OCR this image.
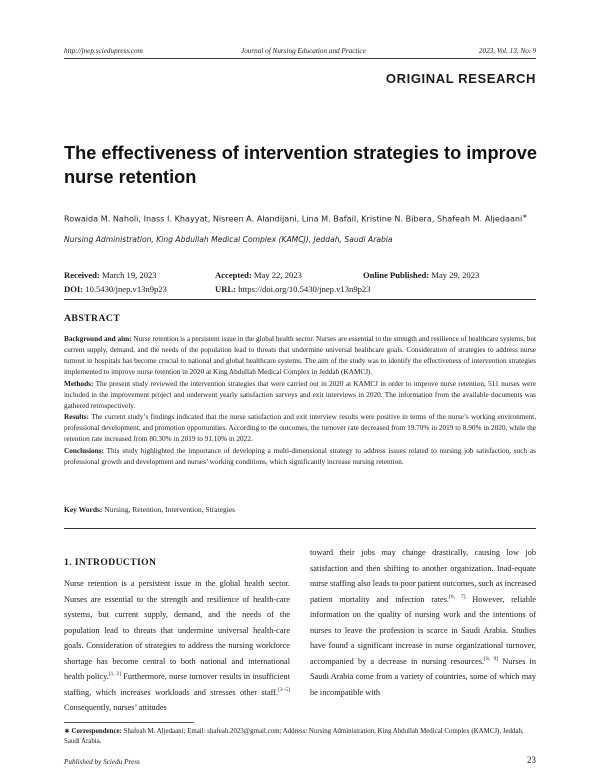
http://jnep.sciedupress.com	Journal of Nursing Education and Practice	2023, Vol. 13, No. 9
ORIGINAL RESEARCH
The effectiveness of intervention strategies to improve nurse retention
Rowaida M. Naholi, Inass I. Khayyat, Nisreen A. Alandijani, Lina M. Bafail, Kristine N. Bibera, Shafeah M. Aljedaani∗
Nursing Administration, King Abdullah Medical Complex (KAMCJ), Jeddah, Saudi Arabia
Received: March 19, 2023	Accepted: May 22, 2023	Online Published: May 29, 2023
DOI: 10.5430/jnep.v13n9p23	URL: https://doi.org/10.5430/jnep.v13n9p23
ABSTRACT

Background and aim: Nurse retention is a persistent issue in the global health sector. Nurses are essential to the strength and resilience of healthcare systems, but current supply, demand, and the needs of the population lead to threats that undermine universal healthcare goals. Consideration of strategies to address nurse turnout in hospitals has become crucial to national and global healthcare systems. The aim of the study was to identify the effectiveness of intervention strategies implemented to improve nurse retention in 2020 at King Abdullah Medical Complex in Jeddah (KAMCJ).

Methods: The present study reviewed the intervention strategies that were carried out in 2020 at KAMCJ in order to improve nurse retention, 511 nurses were included in the improvement project and underwent yearly satisfaction surveys and exit interviews in 2020. The information from the available documents was gathered retrospectively.

Results: The current study’s findings indicated that the nurse satisfaction and exit interview results were positive in terms of the nurse’s working environment, professional development, and promotion opportunities. According to the outcomes, the turnover rate decreased from 19.70% in 2019 to 8.90% in 2020, while the retention rate increased from 80.30% in 2019 to 91.10% in 2022.

Conclusions: This study highlighted the importance of developing a multi-dimensional strategy to address issues related to nursing job satisfaction, such as professional growth and development and nurses’ working conditions, which significantly increase nursing retention.

Key Words: Nursing, Retention, Intervention, Strategies
1. INTRODUCTION
Nurse retention is a persistent issue in the global health sector. Nurses are essential to the strength and resilience of health-care systems, but current supply, demand, and the needs of the population lead to threats that undermine universal health-care goals. Consideration of strategies to address the nursing workforce shortage has become central to both national and international health policy.[1, 2] Furthermore, nurse turnover results in insufficient staffing, which increases workloads and stresses other staff.[3–5] Consequently, nurses’ attitudes
toward their jobs may change drastically, causing low job satisfaction and then shifting to another organization. Inad-equate nurse staffing also leads to poor patient outcomes, such as increased patient mortality and infection rates.[6, 7] However, reliable information on the quality of nursing work and the intentions of nurses to leave the profession is scarce in Saudi Arabia. Studies have found a significant increase in nurse organizational turnover, accompanied by a decrease in nursing resources.[8, 9] Nurses in Saudi Arabia come from a variety of countries, some of which may be incompatible with
∗ Correspondence: Shafeah M. Aljedaani; Email: shafeah.2023@gmail.com; Address: Nursing Administration, King Abdullah Medical Complex (KAMCJ), Jeddah, Saudi Arabia.
Published by Sciedu Press	23
